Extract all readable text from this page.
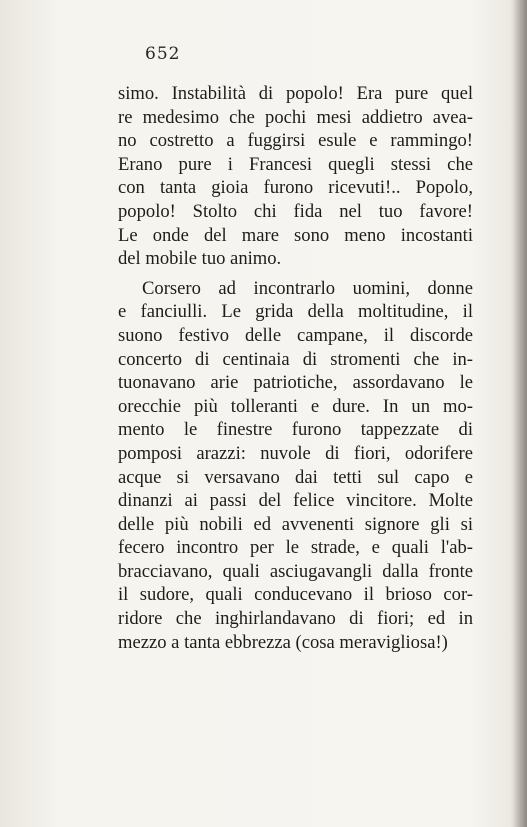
652
simo. Instabilità di popolo! Era pure quel
re medesimo che pochi mesi addietro avea-
no costretto a fuggirsi esule e rammingo!
Erano pure i Francesi quegli stessi che
con tanta gioia furono ricevuti!.. Popolo,
popolo! Stolto chi fida nel tuo favore!
Le onde del mare sono meno incostanti
del mobile tuo animo.
Corsero ad incontrarlo uomini, donne
e fanciulli. Le grida della moltitudine, il
suono festivo delle campane, il discorde
concerto di centinaia di stromenti che in-
tuonavano arie patriotiche, assordavano le
orecchie più tolleranti e dure. In un mo-
mento le finestre furono tappezzate di
pomposi arazzi: nuvole di fiori, odorifere
acque si versavano dai tetti sul capo e
dinanzi ai passi del felice vincitore. Molte
delle più nobili ed avvenenti signore gli si
fecero incontro per le strade, e quali l'ab-
bracciavano, quali asciugavangli dalla fronte
il sudore, quali conducevano il brioso cor-
ridore che inghirlandavano di fiori; ed in
mezzo a tanta ebbrezza (cosa meravigliosa!)
